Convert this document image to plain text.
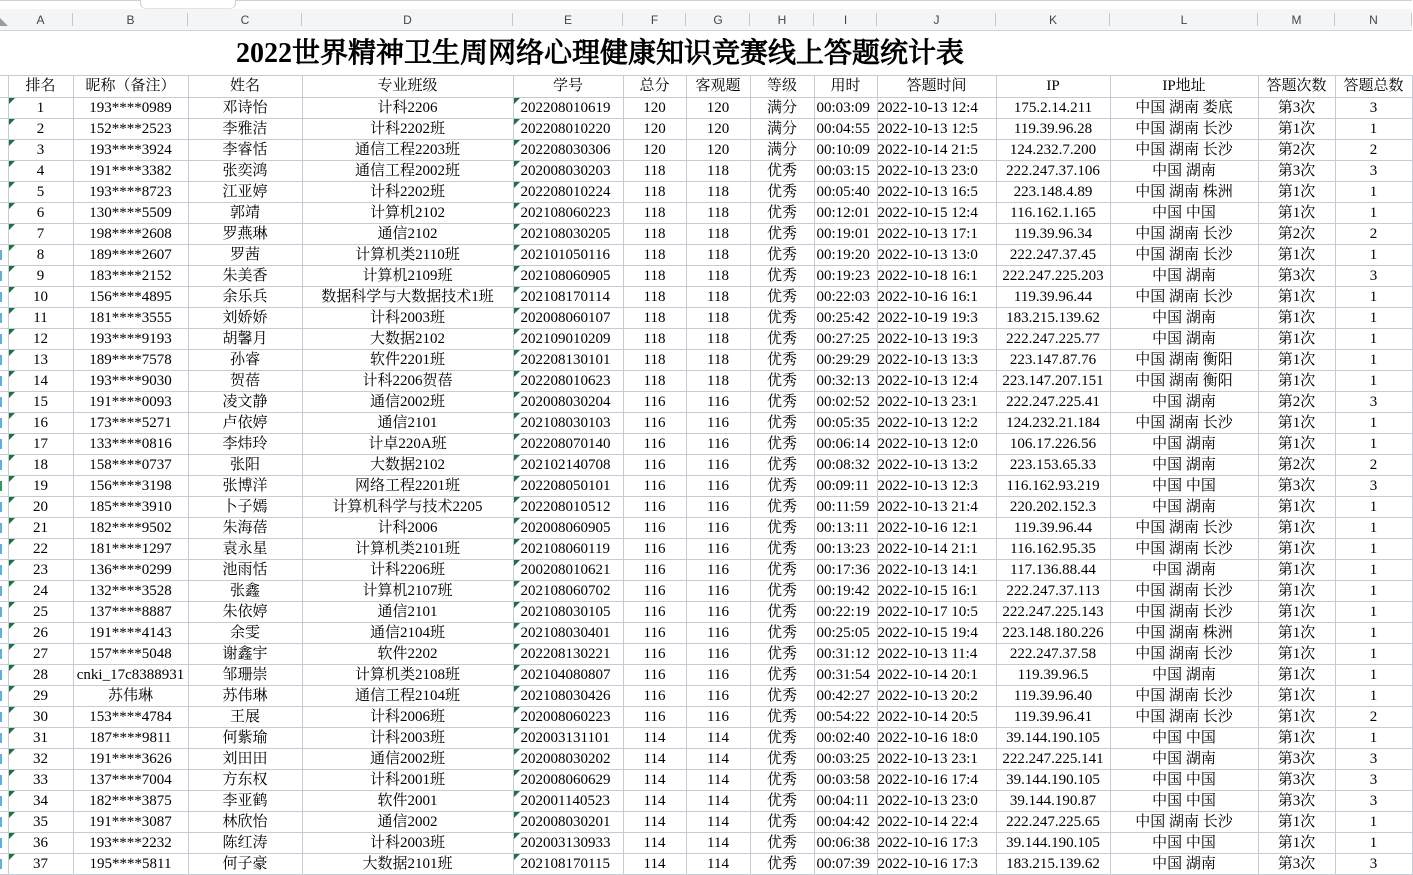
A	B	C	D	E	F	G	H	I	J	K	L	M	N
2022世界精神卫生周网络心理健康知识竞赛线上答题统计表
	排名	昵称（备注）	姓名	专业班级	学号	总分	客观题	等级	用时	答题时间	IP	IP地址	答题次数	答题总数
	1	193****0989	邓诗怡	计科2206	202208010619	120	120	满分	00:03:09	2022-10-13 12:4	175.2.14.211	中国 湖南 娄底	第3次	3
	2	152****2523	李雅洁	计科2202班	202208010220	120	120	满分	00:04:55	2022-10-13 12:5	119.39.96.28	中国 湖南 长沙	第1次	1
	3	193****3924	李睿恬	通信工程2203班	202208030306	120	120	满分	00:10:09	2022-10-14 21:5	124.232.7.200	中国 湖南 长沙	第2次	2
	4	191****3382	张奕鸿	通信工程2002班	202008030203	118	118	优秀	00:03:15	2022-10-13 23:0	222.247.37.106	中国 湖南	第3次	3
	5	193****8723	江亚婷	计科2202班	202208010224	118	118	优秀	00:05:40	2022-10-13 16:5	223.148.4.89	中国 湖南 株洲	第1次	1
	6	130****5509	郭靖	计算机2102	202108060223	118	118	优秀	00:12:01	2022-10-15 12:4	116.162.1.165	中国 中国	第1次	1
	7	198****2608	罗燕琳	通信2102	202108030205	118	118	优秀	00:19:01	2022-10-13 17:1	119.39.96.34	中国 湖南 长沙	第2次	2

	8	189****2607	罗茜	计算机类2110班	202101050116	118	118	优秀	00:19:20	2022-10-13 13:0	222.247.37.45	中国 湖南 长沙	第1次	1

	9	183****2152	朱美香	计算机2109班	202108060905	118	118	优秀	00:19:23	2022-10-18 16:1	222.247.225.203	中国 湖南	第3次	3

	10	156****4895	余乐兵	数据科学与大数据技术1班	202108170114	118	118	优秀	00:22:03	2022-10-16 16:1	119.39.96.44	中国 湖南 长沙	第1次	1

	11	181****3555	刘娇娇	计科2003班	202008060107	118	118	优秀	00:25:42	2022-10-19 19:3	183.215.139.62	中国 湖南	第1次	1

	12	193****9193	胡馨月	大数据2102	202109010209	118	118	优秀	00:27:25	2022-10-13 19:3	222.247.225.77	中国 湖南	第1次	1

	13	189****7578	孙睿	软件2201班	202208130101	118	118	优秀	00:29:29	2022-10-13 13:3	223.147.87.76	中国 湖南 衡阳	第1次	1

	14	193****9030	贺蓓	计科2206贺蓓	202208010623	118	118	优秀	00:32:13	2022-10-13 12:4	223.147.207.151	中国 湖南 衡阳	第1次	1

	15	191****0093	凌文静	通信2002班	202008030204	116	116	优秀	00:02:52	2022-10-13 23:1	222.247.225.41	中国 湖南	第2次	3

	16	173****5271	卢依婷	通信2101	202108030103	116	116	优秀	00:05:35	2022-10-13 12:2	124.232.21.184	中国 湖南 长沙	第1次	1

	17	133****0816	李炜玲	计卓220A班	202208070140	116	116	优秀	00:06:14	2022-10-13 12:0	106.17.226.56	中国 湖南	第1次	1

	18	158****0737	张阳	大数据2102	202102140708	116	116	优秀	00:08:32	2022-10-13 13:2	223.153.65.33	中国 湖南	第2次	2

	19	156****3198	张博洋	网络工程2201班	202208050101	116	116	优秀	00:09:11	2022-10-13 12:3	116.162.93.219	中国 中国	第3次	3

	20	185****3910	卜子嫣	计算机科学与技术2205	202208010512	116	116	优秀	00:11:59	2022-10-13 21:4	220.202.152.3	中国 湖南	第1次	1

	21	182****9502	朱海蓓	计科2006	202008060905	116	116	优秀	00:13:11	2022-10-16 12:1	119.39.96.44	中国 湖南 长沙	第1次	1

	22	181****1297	袁永星	计算机类2101班	202108060119	116	116	优秀	00:13:23	2022-10-14 21:1	116.162.95.35	中国 湖南 长沙	第1次	1

	23	136****0299	池雨恬	计科2206班	200208010621	116	116	优秀	00:17:36	2022-10-13 14:1	117.136.88.44	中国 湖南	第1次	1

	24	132****3528	张鑫	计算机2107班	202108060702	116	116	优秀	00:19:42	2022-10-15 16:1	222.247.37.113	中国 湖南 长沙	第1次	1

	25	137****8887	朱依婷	通信2101	202108030105	116	116	优秀	00:22:19	2022-10-17 10:5	222.247.225.143	中国 湖南 长沙	第1次	1

	26	191****4143	余雯	通信2104班	202108030401	116	116	优秀	00:25:05	2022-10-15 19:4	223.148.180.226	中国 湖南 株洲	第1次	1

	27	157****5048	谢鑫宇	软件2202	202208130221	116	116	优秀	00:31:12	2022-10-13 11:4	222.247.37.58	中国 湖南 长沙	第1次	1

	28	cnki_17c8388931	邹珊崇	计算机类2108班	202104080807	116	116	优秀	00:31:54	2022-10-14 20:1	119.39.96.5	中国 湖南	第1次	1

	29	苏伟琳	苏伟琳	通信工程2104班	202108030426	116	116	优秀	00:42:27	2022-10-13 20:2	119.39.96.40	中国 湖南 长沙	第1次	1

	30	153****4784	王展	计科2006班	202008060223	116	116	优秀	00:54:22	2022-10-14 20:5	119.39.96.41	中国 湖南 长沙	第1次	2

	31	187****9811	何紫瑜	计科2003班	202003131101	114	114	优秀	00:02:40	2022-10-16 18:0	39.144.190.105	中国 中国	第1次	1

	32	191****3626	刘田田	通信2002班	202008030202	114	114	优秀	00:03:25	2022-10-13 23:1	222.247.225.141	中国 湖南	第3次	3

	33	137****7004	方东权	计科2001班	202008060629	114	114	优秀	00:03:58	2022-10-16 17:4	39.144.190.105	中国 中国	第3次	3

	34	182****3875	李亚鹤	软件2001	202001140523	114	114	优秀	00:04:11	2022-10-13 23:0	39.144.190.87	中国 中国	第3次	3

	35	191****3087	林欣怡	通信2002	202008030201	114	114	优秀	00:04:42	2022-10-14 22:4	222.247.225.65	中国 湖南 长沙	第1次	1

	36	193****2232	陈红涛	计科2003班	202003130933	114	114	优秀	00:06:38	2022-10-16 17:3	39.144.190.105	中国 中国	第1次	1

	37	195****5811	何子豪	大数据2101班	202108170115	114	114	优秀	00:07:39	2022-10-16 17:3	183.215.139.62	中国 湖南	第3次	3
